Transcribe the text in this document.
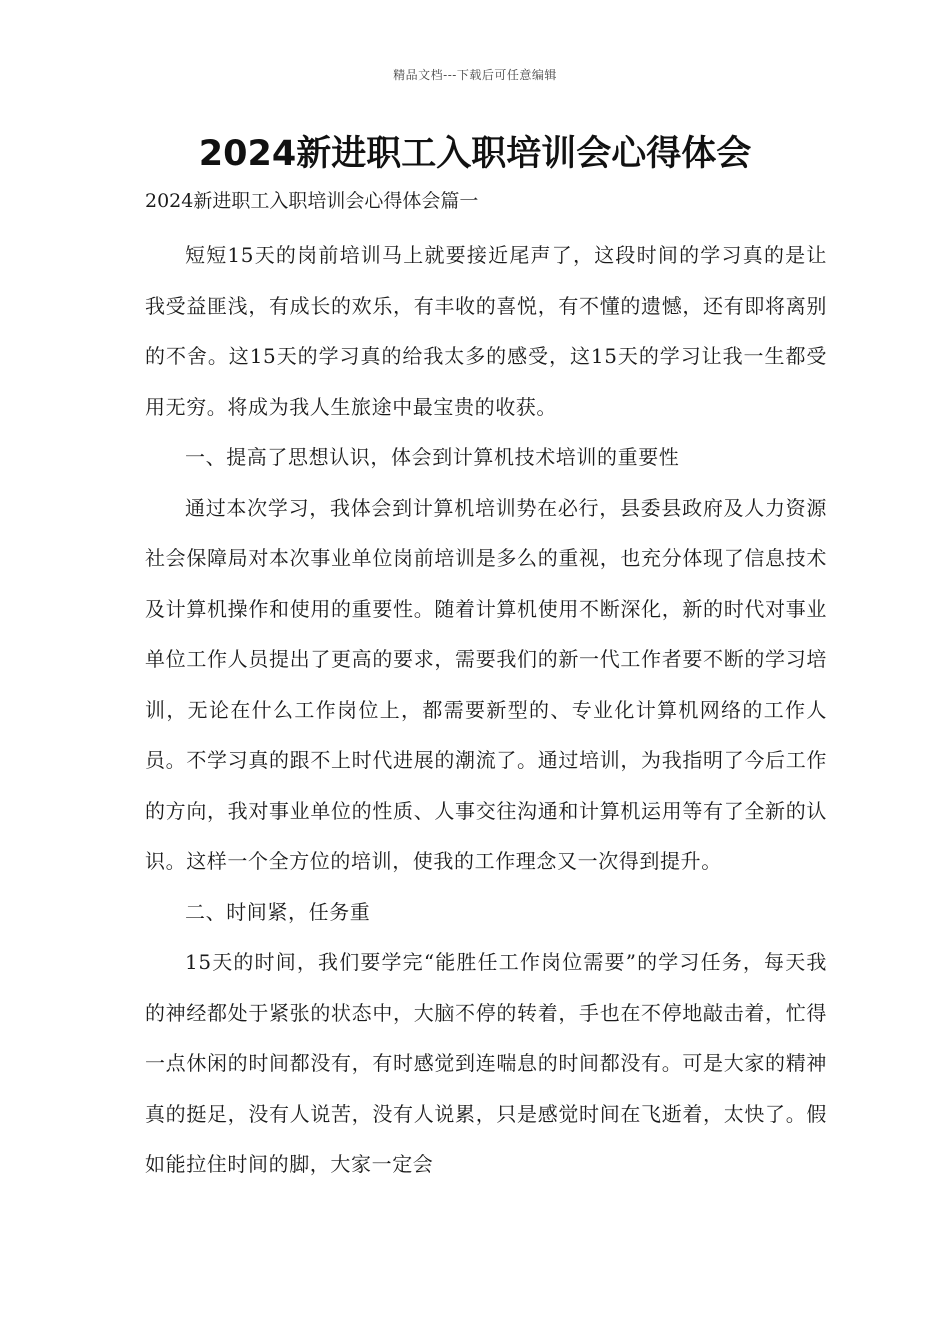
精品文档---下载后可任意编辑
2024新进职工入职培训会心得体会

2024新进职工入职培训会心得体会篇一

短短15天的岗前培训马上就要接近尾声了，这段时间的学习真的是让我受益匪浅，有成长的欢乐，有丰收的喜悦，有不懂的遗憾，还有即将离别的不舍。这15天的学习真的给我太多的感受，这15天的学习让我一生都受用无穷。将成为我人生旅途中最宝贵的收获。

一、提高了思想认识，体会到计算机技术培训的重要性

通过本次学习，我体会到计算机培训势在必行，县委县政府及人力资源社会保障局对本次事业单位岗前培训是多么的重视，也充分体现了信息技术及计算机操作和使用的重要性。随着计算机使用不断深化，新的时代对事业单位工作人员提出了更高的要求，需要我们的新一代工作者要不断的学习培训，无论在什么工作岗位上，都需要新型的、专业化计算机网络的工作人员。不学习真的跟不上时代进展的潮流了。通过培训，为我指明了今后工作的方向，我对事业单位的性质、人事交往沟通和计算机运用等有了全新的认识。这样一个全方位的培训，使我的工作理念又一次得到提升。

二、时间紧，任务重

15天的时间，我们要学完“能胜任工作岗位需要”的学习任务，每天我的神经都处于紧张的状态中，大脑不停的转着，手也在不停地敲击着，忙得一点休闲的时间都没有，有时感觉到连喘息的时间都没有。可是大家的精神真的挺足，没有人说苦，没有人说累，只是感觉时间在飞逝着，太快了。假如能拉住时间的脚，大家一定会
